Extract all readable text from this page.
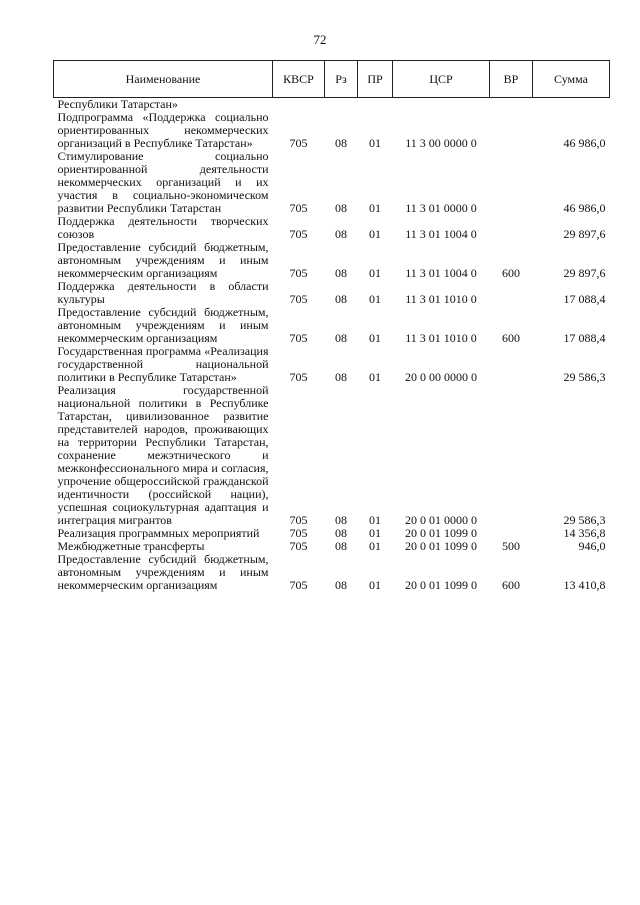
72
Наименование	КВСР	Рз	ПР	ЦСР	ВР	Сумма
Республики Татарстан»						
Подпрограмма «Поддержка социально ориентированных некоммерческих организаций в Республике Татарстан»	705	08	01	11 3 00 0000 0		46 986,0
Стимулирование социально ориентированной деятельности некоммерческих организаций и их участия в социально-экономическом развитии Республики Татарстан	705	08	01	11 3 01 0000 0		46 986,0
Поддержка деятельности творческих союзов	705	08	01	11 3 01 1004 0		29 897,6
Предоставление субсидий бюджетным, автономным учреждениям и иным некоммерческим организациям	705	08	01	11 3 01 1004 0	600	29 897,6
Поддержка деятельности в области культуры	705	08	01	11 3 01 1010 0		17 088,4
Предоставление субсидий бюджетным, автономным учреждениям и иным некоммерческим организациям	705	08	01	11 3 01 1010 0	600	17 088,4
Государственная программа «Реализация государственной национальной политики в Республике Татарстан»	705	08	01	20 0 00 0000 0		29 586,3
Реализация государственной национальной политики в Республике Татарстан, цивилизованное развитие представителей народов, проживающих на территории Республики Татарстан, сохранение межэтнического и межконфессионального мира и согласия, упрочение общероссийской гражданской идентичности (российской нации), успешная социокультурная адаптация и интеграция мигрантов	705	08	01	20 0 01 0000 0		29 586,3
Реализация программных мероприятий	705	08	01	20 0 01 1099 0		14 356,8
Межбюджетные трансферты	705	08	01	20 0 01 1099 0	500	946,0
Предоставление субсидий бюджетным, автономным учреждениям и иным некоммерческим организациям	705	08	01	20 0 01 1099 0	600	13 410,8
